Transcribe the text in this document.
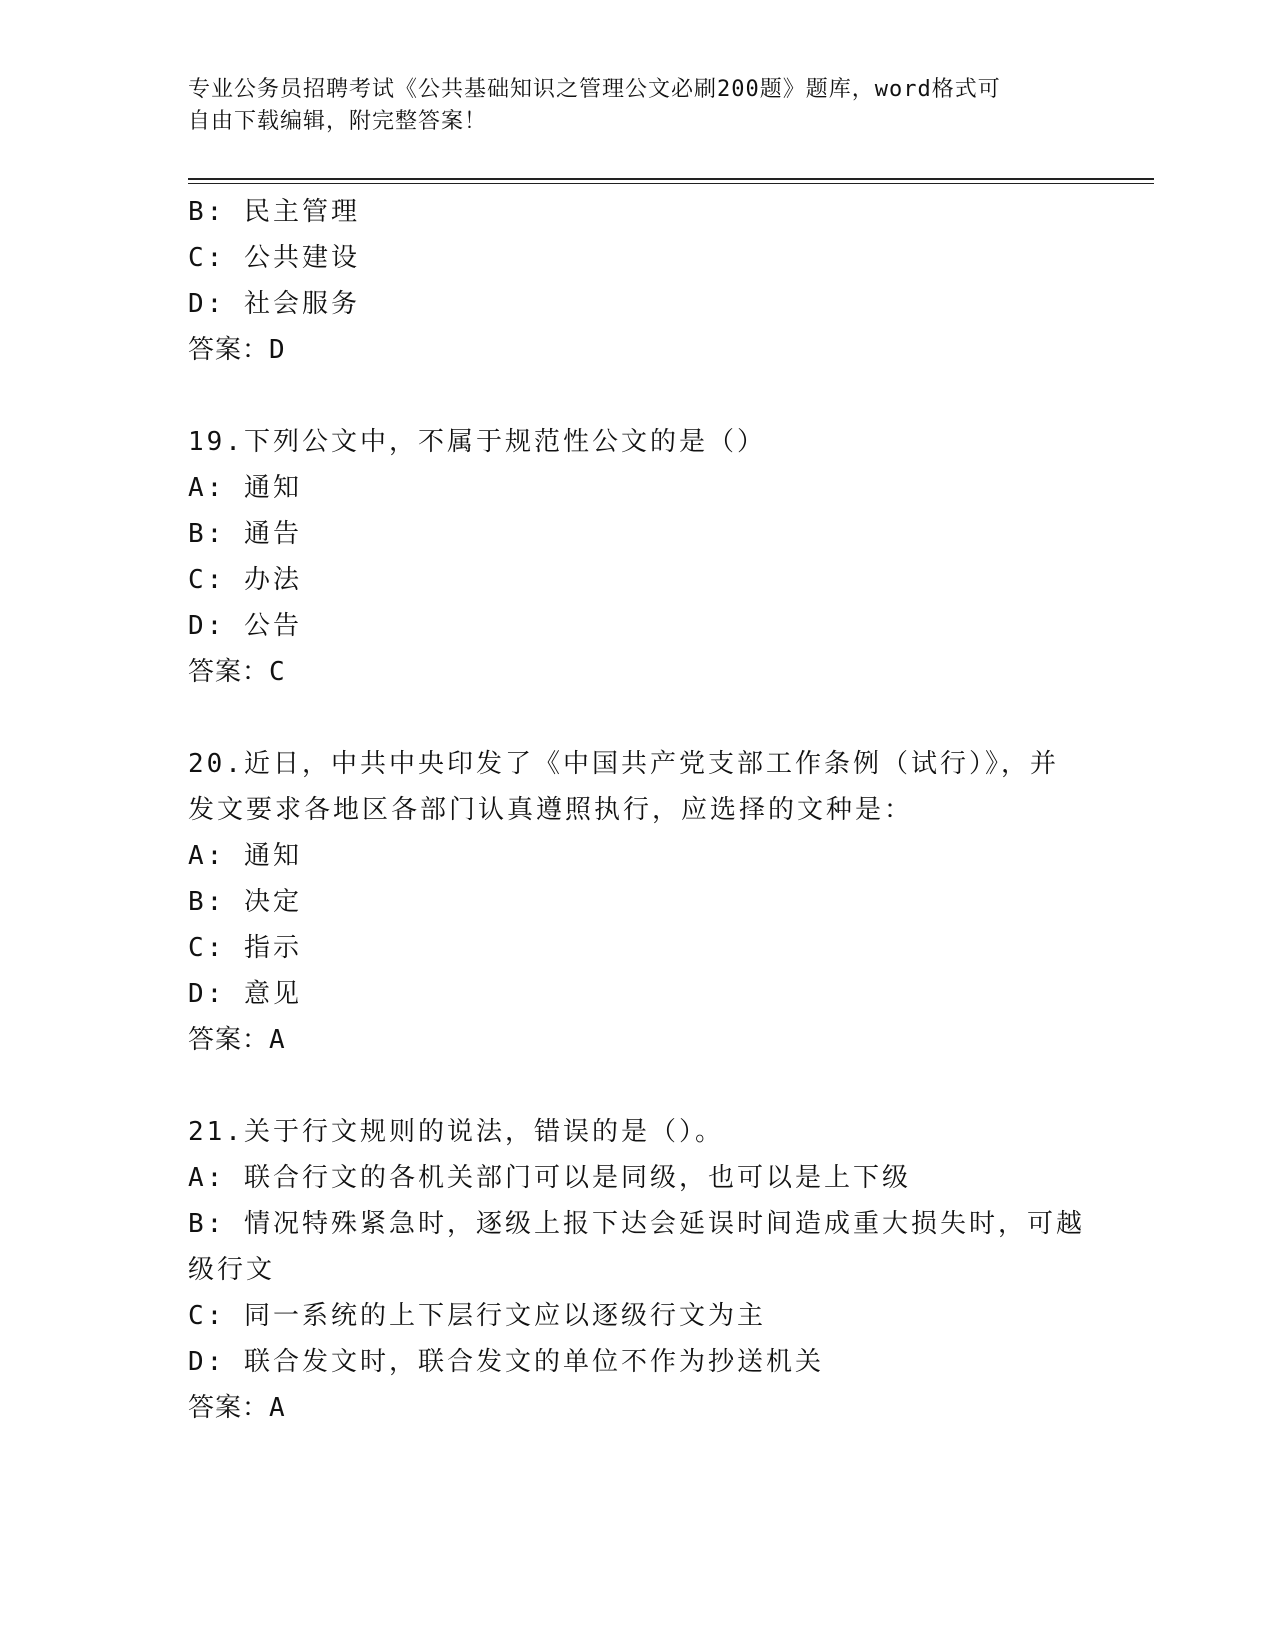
专业公务员招聘考试《公共基础知识之管理公文必刷200题》题库，word格式可
自由下载编辑，附完整答案！
B: 民主管理
C: 公共建设
D: 社会服务
答案：D
19.下列公文中，不属于规范性公文的是（）
A: 通知
B: 通告
C: 办法
D: 公告
答案：C
20.近日，中共中央印发了《中国共产党支部工作条例（试行）》，并
发文要求各地区各部门认真遵照执行，应选择的文种是：
A: 通知
B: 决定
C: 指示
D: 意见
答案：A
21.关于行文规则的说法，错误的是（）。
A: 联合行文的各机关部门可以是同级，也可以是上下级
B: 情况特殊紧急时，逐级上报下达会延误时间造成重大损失时，可越
级行文
C: 同一系统的上下层行文应以逐级行文为主
D: 联合发文时，联合发文的单位不作为抄送机关
答案：A
